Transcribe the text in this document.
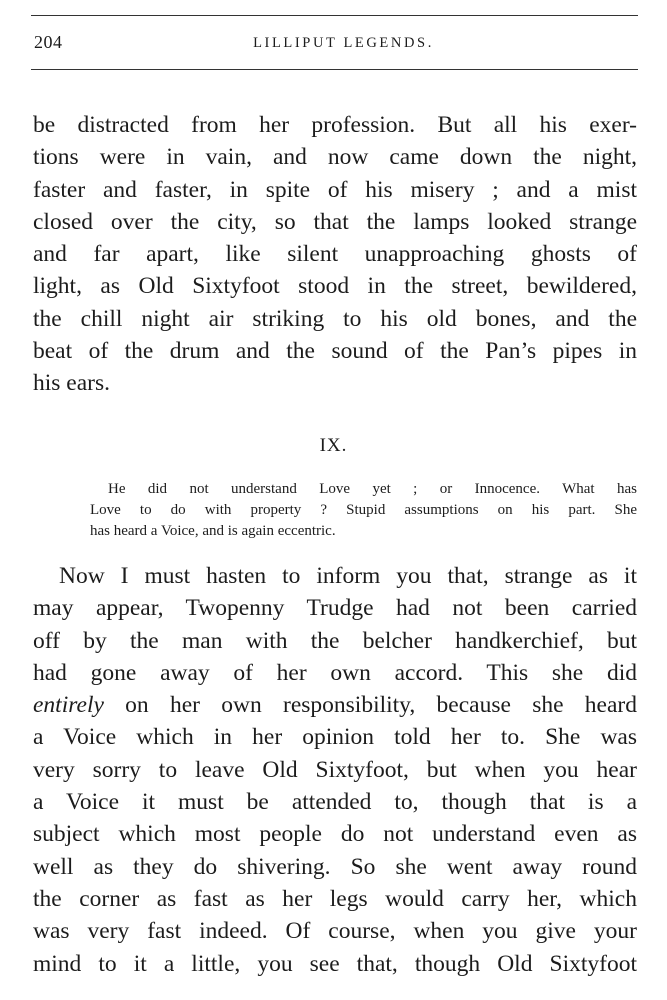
204	LILLIPUT LEGENDS.
be distracted from her profession. But all his exer-
tions were in vain, and now came down the night,
faster and faster, in spite of his misery ; and a mist
closed over the city, so that the lamps looked strange
and far apart, like silent unapproaching ghosts of
light, as Old Sixtyfoot stood in the street, bewildered,
the chill night air striking to his old bones, and the
beat of the drum and the sound of the Pan’s pipes in
his ears.
IX.
He did not understand Love yet ; or Innocence. What has
Love to do with property ? Stupid assumptions on his part. She
has heard a Voice, and is again eccentric.
Now I must hasten to inform you that, strange as it
may appear, Twopenny Trudge had not been carried
off by the man with the belcher handkerchief, but
had gone away of her own accord. This she did
entirely on her own responsibility, because she heard
a Voice which in her opinion told her to. She was
very sorry to leave Old Sixtyfoot, but when you hear
a Voice it must be attended to, though that is a
subject which most people do not understand even as
well as they do shivering. So she went away round
the corner as fast as her legs would carry her, which
was very fast indeed. Of course, when you give your
mind to it a little, you see that, though Old Sixtyfoot
